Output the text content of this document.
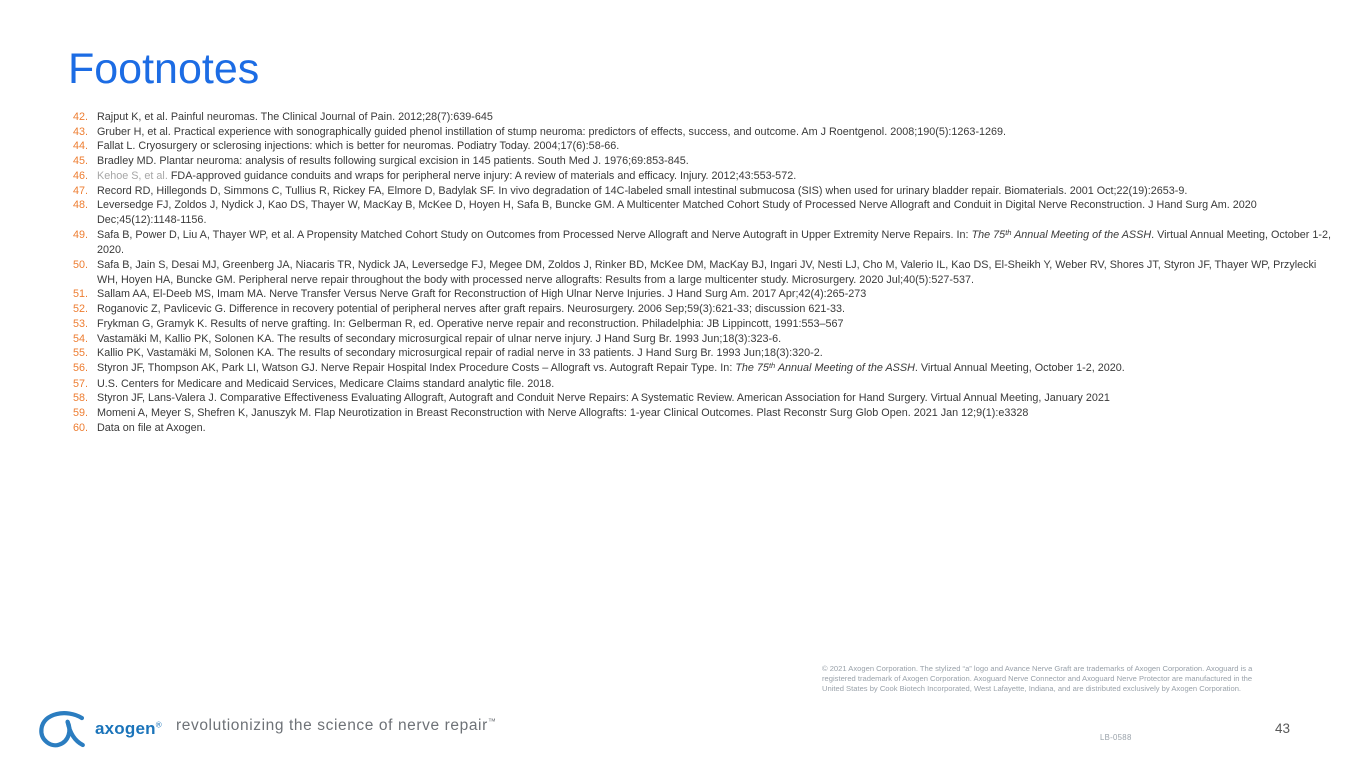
Footnotes
42. Rajput K, et al. Painful neuromas. The Clinical Journal of Pain. 2012;28(7):639-645
43. Gruber H, et al. Practical experience with sonographically guided phenol instillation of stump neuroma: predictors of effects, success, and outcome. Am J Roentgenol. 2008;190(5):1263-1269.
44. Fallat L. Cryosurgery or sclerosing injections: which is better for neuromas. Podiatry Today. 2004;17(6):58-66.
45. Bradley MD. Plantar neuroma: analysis of results following surgical excision in 145 patients. South Med J. 1976;69:853-845.
46. Kehoe S, et al. FDA-approved guidance conduits and wraps for peripheral nerve injury: A review of materials and efficacy. Injury. 2012;43:553-572.
47. Record RD, Hillegonds D, Simmons C, Tullius R, Rickey FA, Elmore D, Badylak SF. In vivo degradation of 14C-labeled small intestinal submucosa (SIS) when used for urinary bladder repair. Biomaterials. 2001 Oct;22(19):2653-9.
48. Leversedge FJ, Zoldos J, Nydick J, Kao DS, Thayer W, MacKay B, McKee D, Hoyen H, Safa B, Buncke GM. A Multicenter Matched Cohort Study of Processed Nerve Allograft and Conduit in Digital Nerve Reconstruction. J Hand Surg Am. 2020 Dec;45(12):1148-1156.
49. Safa B, Power D, Liu A, Thayer WP, et al. A Propensity Matched Cohort Study on Outcomes from Processed Nerve Allograft and Nerve Autograft in Upper Extremity Nerve Repairs. In: The 75th Annual Meeting of the ASSH. Virtual Annual Meeting, October 1-2, 2020.
50. Safa B, Jain S, Desai MJ, Greenberg JA, Niacaris TR, Nydick JA, Leversedge FJ, Megee DM, Zoldos J, Rinker BD, McKee DM, MacKay BJ, Ingari JV, Nesti LJ, Cho M, Valerio IL, Kao DS, El-Sheikh Y, Weber RV, Shores JT, Styron JF, Thayer WP, Przylecki WH, Hoyen HA, Buncke GM. Peripheral nerve repair throughout the body with processed nerve allografts: Results from a large multicenter study. Microsurgery. 2020 Jul;40(5):527-537.
51. Sallam AA, El-Deeb MS, Imam MA. Nerve Transfer Versus Nerve Graft for Reconstruction of High Ulnar Nerve Injuries. J Hand Surg Am. 2017 Apr;42(4):265-273
52. Roganovic Z, Pavlicevic G. Difference in recovery potential of peripheral nerves after graft repairs. Neurosurgery. 2006 Sep;59(3):621-33; discussion 621-33.
53. Frykman G, Gramyk K. Results of nerve grafting. In: Gelberman R, ed. Operative nerve repair and reconstruction. Philadelphia: JB Lippincott, 1991:553–567
54. Vastamäki M, Kallio PK, Solonen KA. The results of secondary microsurgical repair of ulnar nerve injury. J Hand Surg Br. 1993 Jun;18(3):323-6.
55. Kallio PK, Vastamäki M, Solonen KA. The results of secondary microsurgical repair of radial nerve in 33 patients. J Hand Surg Br. 1993 Jun;18(3):320-2.
56. Styron JF, Thompson AK, Park LI, Watson GJ. Nerve Repair Hospital Index Procedure Costs – Allograft vs. Autograft Repair Type. In: The 75th Annual Meeting of the ASSH. Virtual Annual Meeting, October 1-2, 2020.
57. U.S. Centers for Medicare and Medicaid Services, Medicare Claims standard analytic file. 2018.
58. Styron JF, Lans-Valera J. Comparative Effectiveness Evaluating Allograft, Autograft and Conduit Nerve Repairs: A Systematic Review. American Association for Hand Surgery. Virtual Annual Meeting, January 2021
59. Momeni A, Meyer S, Shefren K, Januszyk M. Flap Neurotization in Breast Reconstruction with Nerve Allografts: 1-year Clinical Outcomes. Plast Reconstr Surg Glob Open. 2021 Jan 12;9(1):e3328
60. Data on file at Axogen.
© 2021 Axogen Corporation. The stylized “a” logo and Avance Nerve Graft are trademarks of Axogen Corporation. Axoguard is a registered trademark of Axogen Corporation. Axoguard Nerve Connector and Axoguard Nerve Protector are manufactured in the United States by Cook Biotech Incorporated, West Lafayette, Indiana, and are distributed exclusively by Axogen Corporation.
axogen® revolutionizing the science of nerve repair™
LB-0588
43
